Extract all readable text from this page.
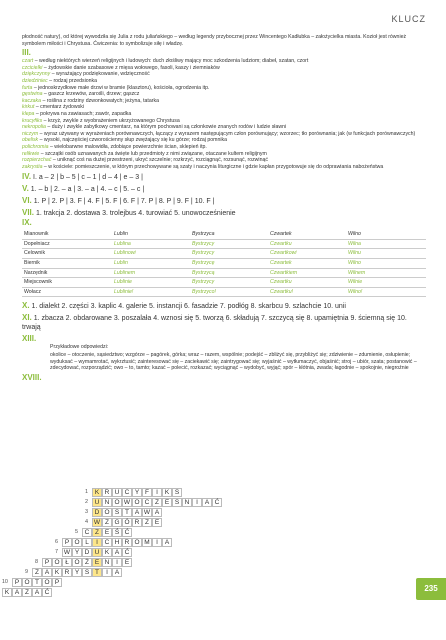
KLUCZ
płodność natury), od której wywodziła się Julia z rodu juliańskiego – według legendy przybocznej przez Wincentego Kadłubka – założycielka miasta. Kozioł jest również symbolem miłości i Chrystusa. Ćwiczenia: to symbolizuje siłę i władzę.
III.
czart – według niektórych wierzeń religijnych i ludowych: duch złośliwy mający moc szkodzenia ludziom; diabeł, szatan, czort
czcicielki – żydowskie danie szabasowe z mięsa wołowego, fasoli, kaszy i ziemniaków
dziękczynny – wyrażający podziękowanie, wdzięczność
dziedziniec – rodzaj przedsionka
furta – jednoskrzydłowe małe drzwi w bramie (klasztoru), kościoła, ogrodzenia itp.
gęstwina – gaszcz krzewów, zarośli, drzew; gąszcz
kaczaka – roślina z rodziny dzwonkowatych; jeżyna, tatarka
kirkut – cmentarz żydowski
klepa – pokrywa na zawiasach; zawór, zapadka
krucyfiks – krzyż, zwykle z wyobrażeniem ukrzyżowanego Chrystusa
nekropolia – duży i zwykle zabytkowy cmentarz, na którym pochowani są członkowie znanych rodów i ludzie sławni
niczym – wyraz używany w wyrażeniach porównawczych, łączący z wyrazem następującym człon porównujący; wzorzec; tło porównania; jak (w funkcjach porównawczych)
obelisk – wysoki, najczęściej czworościenny słup zwężający się ku górze; rodzaj pomnika
polichromia – wielobarwne malowidła, zdobiące powierzchnie ścian, sklepień itp.
relikwie – szczątki osób uznawanych za święte lub przedmioty z nimi związane, otaczane kultem religijnym
rozpierzchać – uniknąć coś na dużej przestrzeni, ukryć szczelnie; rozkrzyć, rozciągnąć, rozsunąć, rozwinąć
zakrystia – w kościele: pomieszczenie, w którym przechowywane są szaty i naczynia liturgiczne i gdzie kapłan przygotowuje się do odprawiania nabożeństwa
IV. I. a – 2 | b – 5 | c – 1 | d – 4 | e – 3 |
V. 1. – b | 2. – a | 3. – a | 4. – c | 5. – c |
VI. 1. P | 2. P | 3. F | 4. F | 5. F | 6. F | 7. P | 8. P | 9. F | 10. F |
VII. 1. trakcja 2. dostawa 3. trolejbus 4. turowiać 5. unowocześnienie
IX.
Mianownik	Lublin	Bystrzyca	Czwartek	Wilno
Dopełniacz	Lublina	Bystrzycy	Czwartku	Wilna
Celownik	Lublinowi	Bystrzycy	Czwartkowi	Wilnu
Biernik	Lublin	Bystrzycę	Czwartek	Wilno
Narzędnik	Lublinem	Bystrzycą	Czwartkiem	Wilnem
Miejscownik	Lublinie	Bystrzycy	Czwartku	Wilnie
Wołacz	Lublinie!	Bystrzyco!	Czwartku!	Wilno!
X. 1. dialekt 2. części 3. kaplic 4. galerie 5. instancji 6. fasadzie 7. podłóg 8. skarbcu 9. szlachcie 10. unii
XI. 1. zbacza 2. obdarowane 3. poszalała 4. wznosi się 5. tworzą 6. składują 7. szczycą się 8. upamiętnia 9. ściemną się 10. trwają
XIII.
Przykładowe odpowiedzi:
okolice – otoczenie, sąsiedztwo; wzgórze – pagórek, górka; wraz – razem, wspólnie; podejść – zbliżyć się, przybliżyć się; zdziwienie – zdumienie, osłupienie; wyduksać – wymamrotać, wykrztusić; zainteresować się – zaciekawić się; zaintrygować się; wyjaśnić – wytłumaczyć, objaśnić; stroj – ubiór, szata; postanowić – zdecydować, rozporządzić; owo – to, tamto; kazać – polecić, rozkazać; wyciągnąć – wydobyć, wyjąć; spór – kłótnia, zwada; łagodnie – spokojnie, niegroźnie
XVIII.
1	K R U C Y F	I	K S
2	U N O W O C Z E S N	I	A Ć
3	D O S T A W A
4 W Z G Ó R Z E
5	C Z E Ś Ć
6	P O L	I	C H R O M I	A
7 W Y D U K A Ć
8	P O Ł O Ż E N	I	E
9	Z A K R Y S T	I	A
10	P O T O P
K A Z A Ć	235
